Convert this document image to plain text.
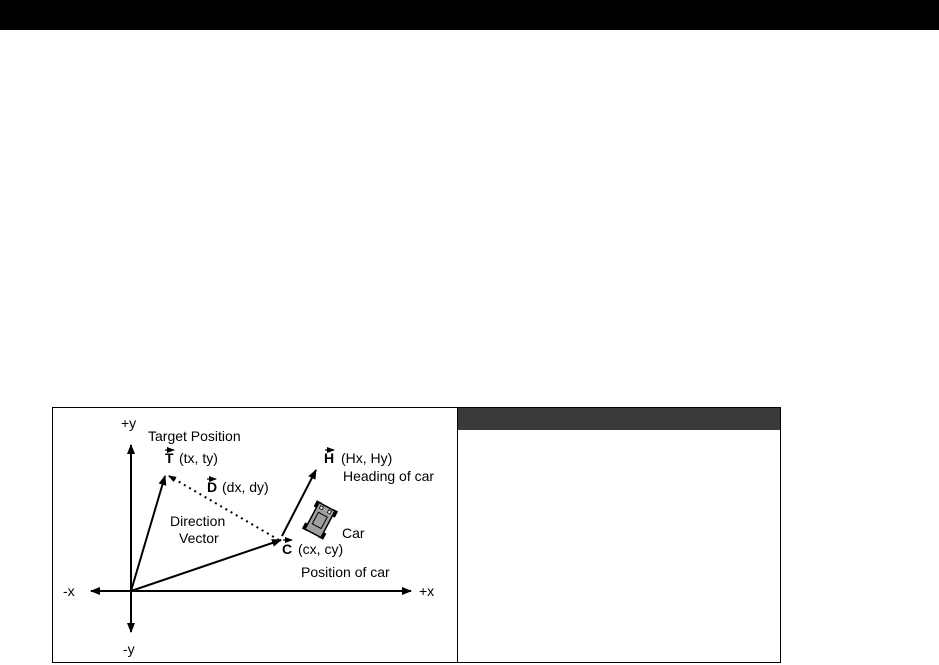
+y
-y
-x	+x
Target Position
T (tx, ty)
D (dx, dy)
Direction
Vector
H (Hx, Hy)
Heading of car
Car
C (cx, cy)
Position of car
